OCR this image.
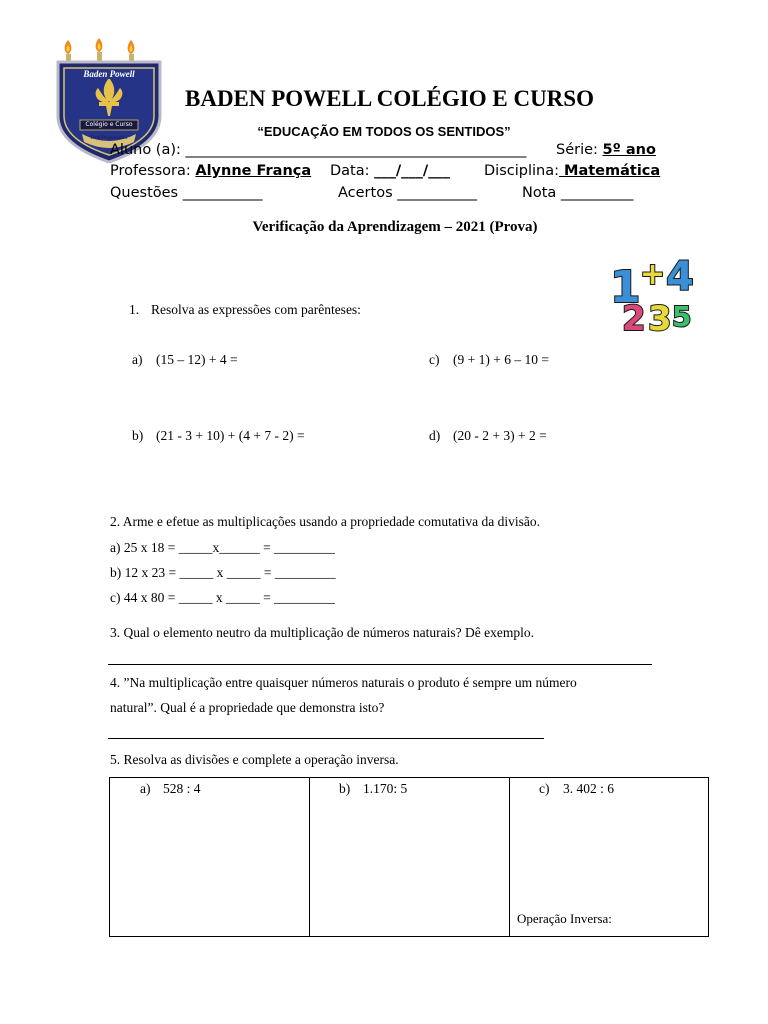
Baden Powell
Colégio e Curso
Bem Preparados
BADEN POWELL COLÉGIO E CURSO
“EDUCAÇÃO EM TODOS OS SENTIDOS”
Aluno (a): _______________________________________________ Série: 5º ano
Professora: Alynne França Data: ___/___/___ Disciplina: Matemática
Questões ___________	Acertos ___________	Nota __________
Verificação da Aprendizagem – 2021 (Prova)
1 + 4
2 3 5
1. Resolva as expressões com parênteses:
a) (15 – 12) + 4 =	c) (9 + 1) + 6 – 10 =
b) (21 - 3 + 10) + (4 + 7 - 2) =	d) (20 - 2 + 3) + 2 =
2. Arme e efetue as multiplicações usando a propriedade comutativa da divisão.
a) 25 x 18 = _____x______ = _________
b) 12 x 23 = _____ x _____ = _________
c) 44 x 80 = _____ x _____ = _________
3. Qual o elemento neutro da multiplicação de números naturais? Dê exemplo.
4. ”Na multiplicação entre quaisquer números naturais o produto é sempre um número
natural”. Qual é a propriedade que demonstra isto?
5. Resolva as divisões e complete a operação inversa.
a) 528 : 4	b) 1.170: 5	c) 3. 402 : 6
Operação Inversa:
